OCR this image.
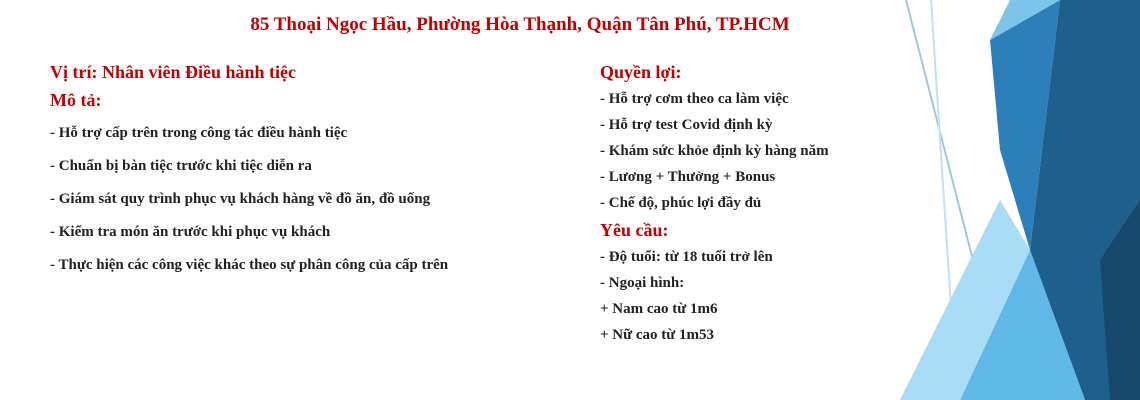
85 Thoại Ngọc Hầu, Phường Hòa Thạnh, Quận Tân Phú, TP.HCM
Vị trí: Nhân viên Điều hành tiệc
Mô tả:
- Hỗ trợ cấp trên trong công tác điều hành tiệc
- Chuẩn bị bàn tiệc trước khi tiệc diễn ra
- Giám sát quy trình phục vụ khách hàng về đồ ăn, đồ uống
- Kiểm tra món ăn trước khi phục vụ khách
- Thực hiện các công việc khác theo sự phân công của cấp trên
Quyền lợi:
- Hỗ trợ cơm theo ca làm việc
- Hỗ trợ test Covid định kỳ
- Khám sức khỏe định kỳ hàng năm
- Lương + Thưởng + Bonus
- Chế độ, phúc lợi đầy đủ
Yêu cầu:
- Độ tuổi: từ 18 tuổi trở lên
- Ngoại hình:
+ Nam cao từ 1m6
+ Nữ cao từ 1m53
